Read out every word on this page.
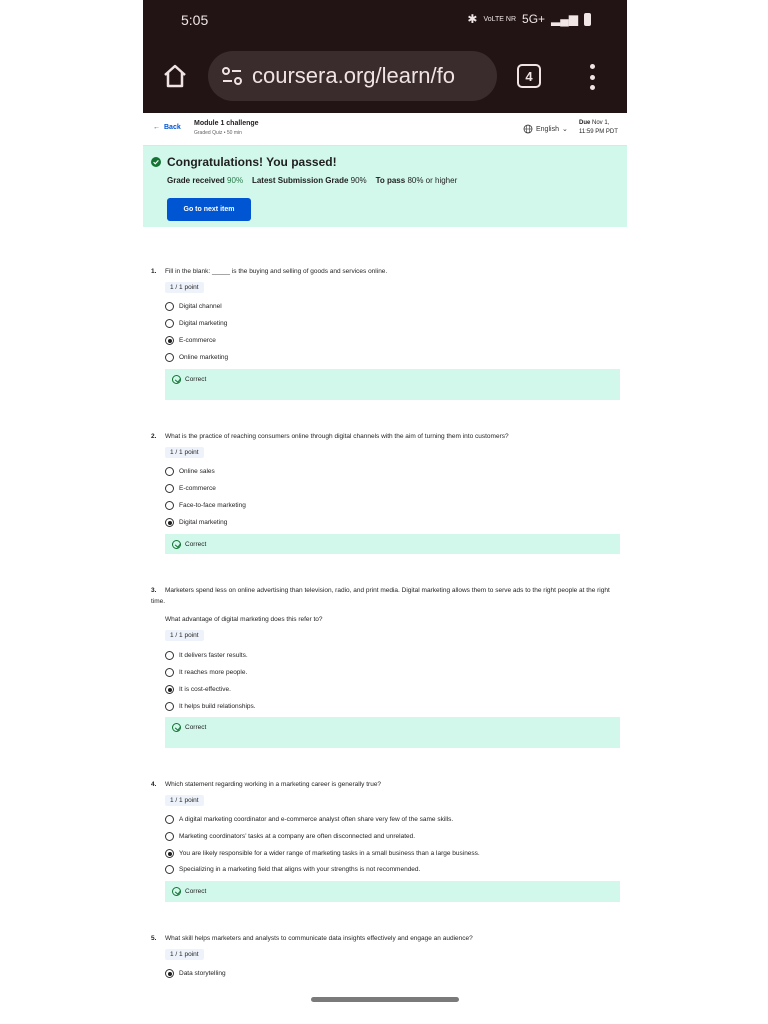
5:05	✱ VoLTE NR 5G+ ▂▄▆
coursera.org/learn/fo	4
← Back
Module 1 challenge
Graded Quiz • 50 min
English ⌄
Due Nov 1,
11:59 PM PDT
Congratulations! You passed!
Grade received 90% Latest Submission Grade 90% To pass 80% or higher
Go to next item
1. Fill in the blank: _____ is the buying and selling of goods and services online.
1 / 1 point
Digital channel
Digital marketing
E-commerce
Online marketing
Correct
2. What is the practice of reaching consumers online through digital channels with the aim of turning them into customers?
1 / 1 point
Online sales
E-commerce
Face-to-face marketing
Digital marketing
Correct
3. Marketers spend less on online advertising than television, radio, and print media. Digital marketing allows them to serve ads to the right people at the right time.
What advantage of digital marketing does this refer to?
1 / 1 point
It delivers faster results.
It reaches more people.
It is cost-effective.
It helps build relationships.
Correct
4. Which statement regarding working in a marketing career is generally true?
1 / 1 point
A digital marketing coordinator and e-commerce analyst often share very few of the same skills.
Marketing coordinators’ tasks at a company are often disconnected and unrelated.
You are likely responsible for a wider range of marketing tasks in a small business than a large business.
Specializing in a marketing field that aligns with your strengths is not recommended.
Correct
5. What skill helps marketers and analysts to communicate data insights effectively and engage an audience?
1 / 1 point
Data storytelling
